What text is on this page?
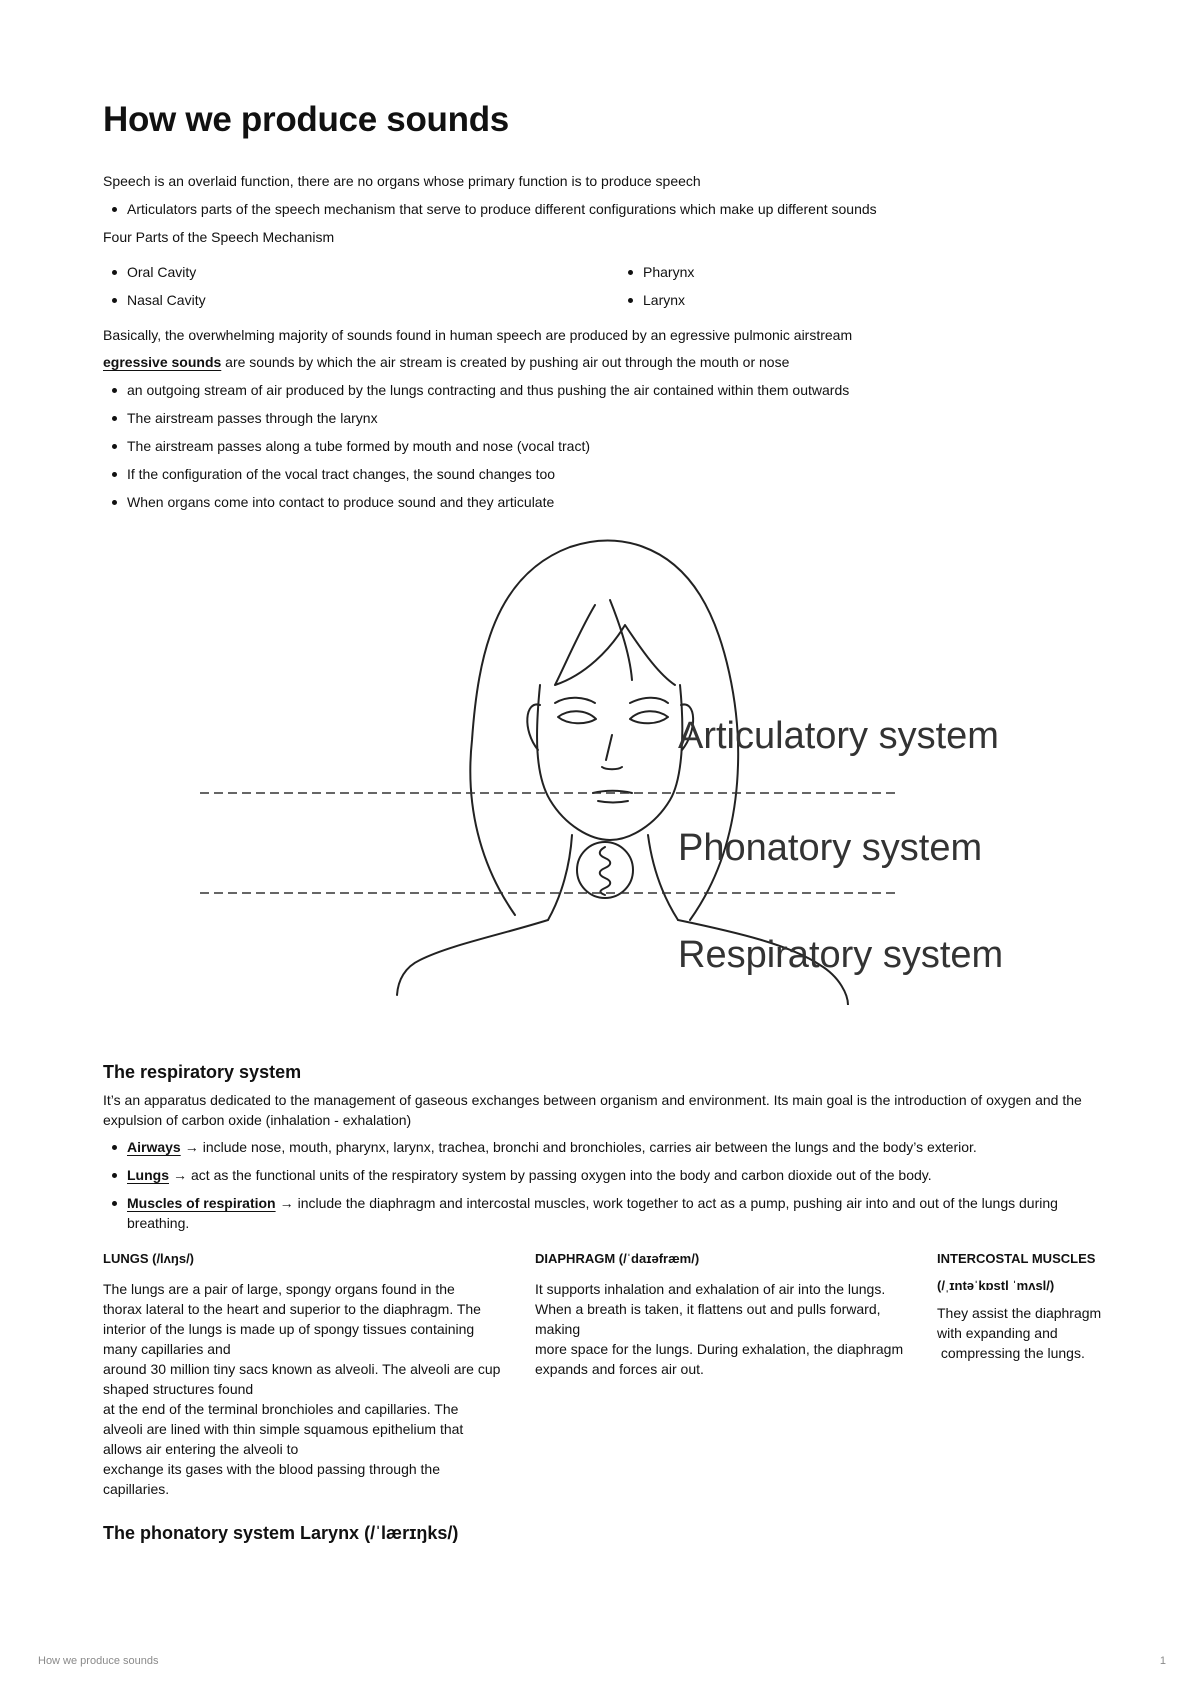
How we produce sounds

Speech is an overlaid function, there are no organs whose primary function is to produce speech

Articulators parts of the speech mechanism that serve to produce different configurations which make up different sounds

Four Parts of the Speech Mechanism

Oral Cavity

Nasal Cavity

Pharynx

Larynx

Basically, the overwhelming majority of sounds found in human speech are produced by an egressive pulmonic airstream

egressive sounds are sounds by which the air stream is created by pushing air out through the mouth or nose

an outgoing stream of air produced by the lungs contracting and thus pushing the air contained within them outwards

The airstream passes through the larynx

The airstream passes along a tube formed by mouth and nose (vocal tract)

If the configuration of the vocal tract changes, the sound changes too

When organs come into contact to produce sound and they articulate

Articulatory system
Phonatory system
Respiratory system
The respiratory system

It’s an apparatus dedicated to the management of gaseous exchanges between organism and environment. Its main goal is the introduction of oxygen and the

expulsion of carbon oxide (inhalation - exhalation)

Airways → include nose, mouth, pharynx, larynx, trachea, bronchi and bronchioles, carries air between the lungs and the body’s exterior.

Lungs → act as the functional units of the respiratory system by passing oxygen into the body and carbon dioxide out of the body.

Muscles of respiration → include the diaphragm and intercostal muscles, work together to act as a pump, pushing air into and out of the lungs during breathing.

LUNGS (/lʌŋs/)

The lungs are a pair of large, spongy organs found in the
thorax lateral to the heart and superior to the diaphragm. The
interior of the lungs is made up of spongy tissues containing
many capillaries and
around 30 million tiny sacs known as alveoli. The alveoli are cup
shaped structures found
at the end of the terminal bronchioles and capillaries. The
alveoli are lined with thin simple squamous epithelium that
allows air entering the alveoli to
exchange its gases with the blood passing through the
capillaries.

DIAPHRAGM (/ˈdaɪəfræm/)

It supports inhalation and exhalation of air into the lungs.
When a breath is taken, it flattens out and pulls forward,
making
more space for the lungs. During exhalation, the diaphragm
expands and forces air out.

INTERCOSTAL MUSCLES

(/ˌɪntəˈkɒstl ˈmʌsl/)

They assist the diaphragm
with expanding and
compressing the lungs.
The phonatory system Larynx (/ˈlærɪŋks/)
How we produce sounds	1
